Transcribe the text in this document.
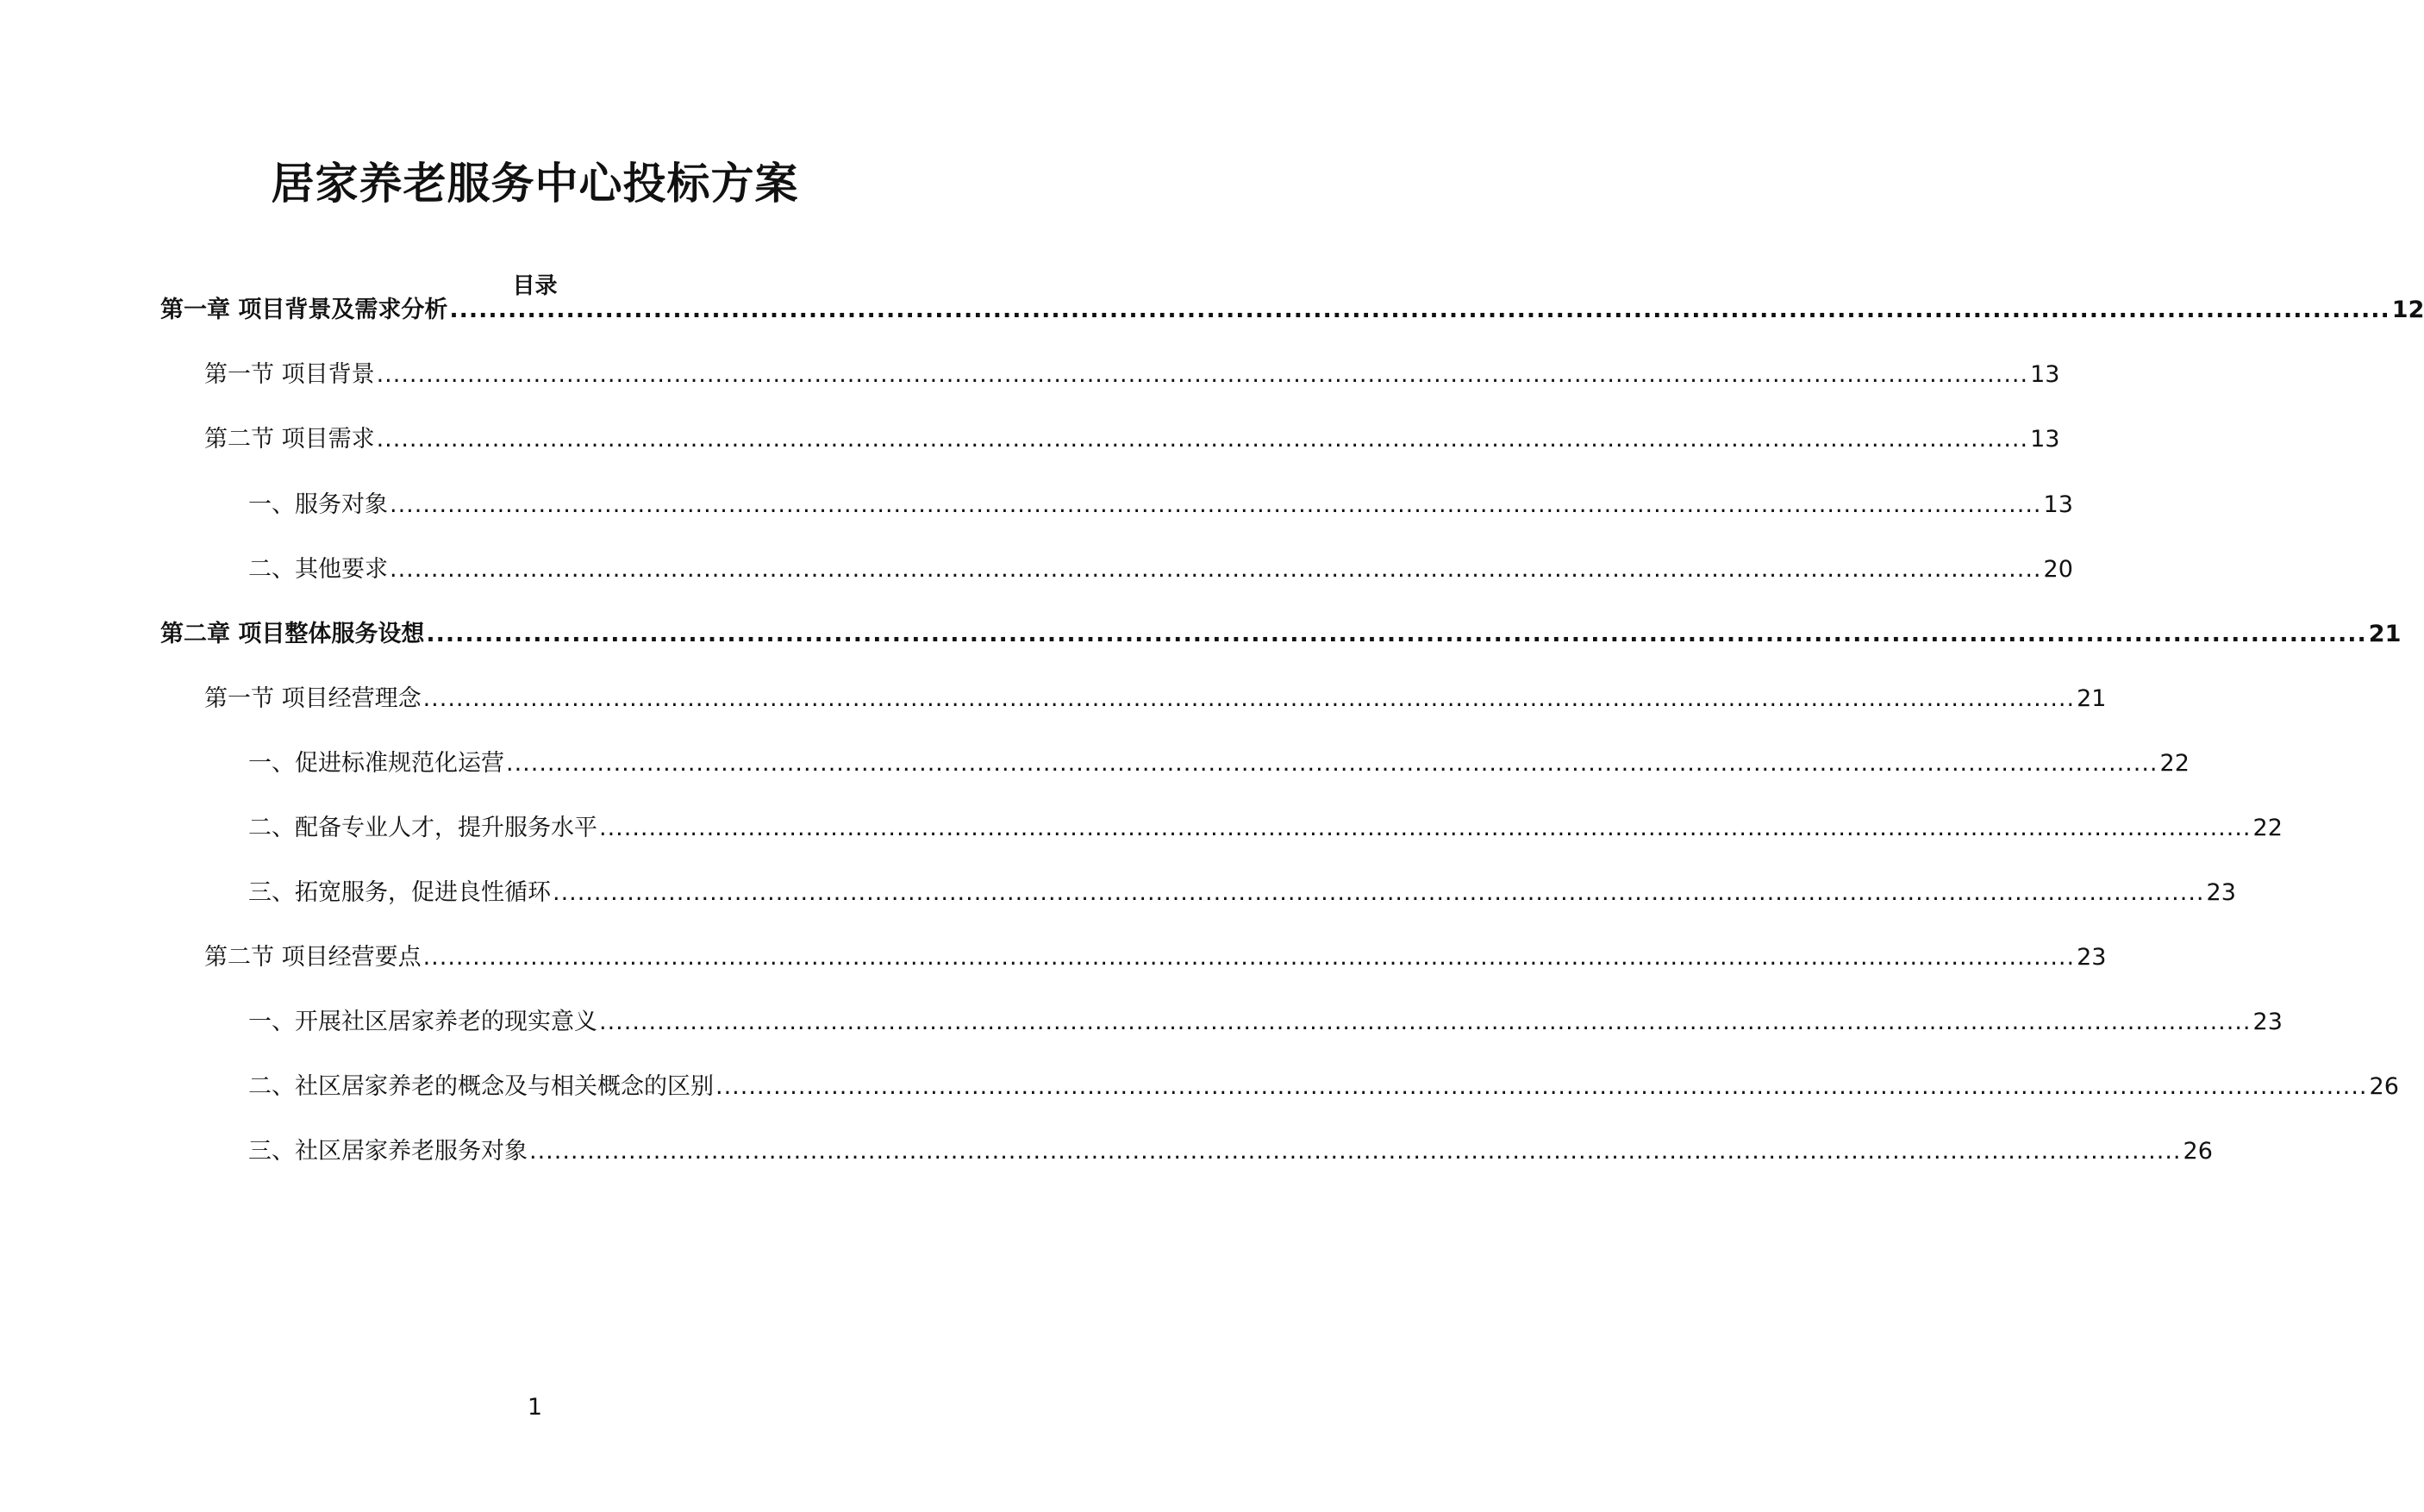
居家养老服务中心投标方案
目录
第一章 项目背景及需求分析 ........................................................................................................................................................................................................ 12
第一节 项目背景 ........................................................................................................................................................................................................ 13
第二节 项目需求 ........................................................................................................................................................................................................ 13
一、服务对象 ........................................................................................................................................................................................................ 13
二、其他要求 ........................................................................................................................................................................................................ 20
第二章 项目整体服务设想 ........................................................................................................................................................................................................ 21
第一节 项目经营理念 ........................................................................................................................................................................................................ 21
一、促进标准规范化运营 ........................................................................................................................................................................................................ 22
二、配备专业人才，提升服务水平 ........................................................................................................................................................................................................ 22
三、拓宽服务，促进良性循环 ........................................................................................................................................................................................................ 23
第二节 项目经营要点 ........................................................................................................................................................................................................ 23
一、开展社区居家养老的现实意义 ........................................................................................................................................................................................................ 23
二、社区居家养老的概念及与相关概念的区别 ........................................................................................................................................................................................................ 26
三、社区居家养老服务对象 ........................................................................................................................................................................................................ 26
1
